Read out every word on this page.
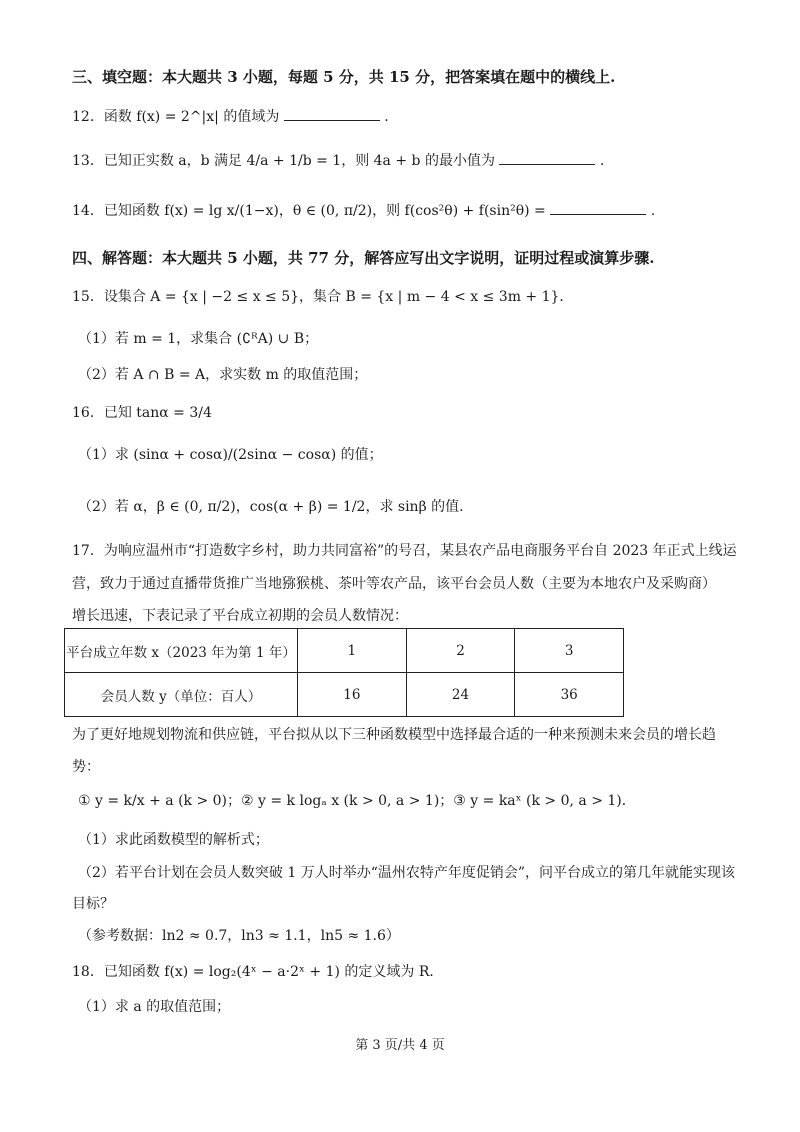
三、填空题：本大题共 3 小题，每题 5 分，共 15 分，把答案填在题中的横线上.
12．函数 f(x) = 2^|x| 的值域为	.
13．已知正实数 a，b 满足 4/a + 1/b = 1，则 4a + b 的最小值为	.
14．已知函数 f(x) = lg x/(1−x)，θ ∈ (0, π/2)，则 f(cos²θ) + f(sin²θ) =	.
四、解答题：本大题共 5 小题，共 77 分，解答应写出文字说明，证明过程或演算步骤.
15．设集合 A = {x | −2 ≤ x ≤ 5}，集合 B = {x | m − 4 < x ≤ 3m + 1}．
（1）若 m = 1，求集合 (∁ᴿA) ∪ B；
（2）若 A ∩ B = A，求实数 m 的取值范围；
16．已知 tanα = 3/4
（1）求 (sinα + cosα)/(2sinα − cosα) 的值；
（2）若 α，β ∈ (0, π/2)，cos(α + β) = 1/2，求 sinβ 的值.
17．为响应温州市“打造数字乡村，助力共同富裕”的号召，某县农产品电商服务平台自 2023 年正式上线运
营，致力于通过直播带货推广当地猕猴桃、茶叶等农产品，该平台会员人数（主要为本地农户及采购商）
增长迅速，下表记录了平台成立初期的会员人数情况：
平台成立年数 x（2023 年为第 1 年）	1	2	3
会员人数 y（单位：百人）	16	24	36
为了更好地规划物流和供应链，平台拟从以下三种函数模型中选择最合适的一种来预测未来会员的增长趋
势：
① y = k/x + a (k > 0)；② y = k logₐ x (k > 0, a > 1)；③ y = kaˣ (k > 0, a > 1)．
（1）求此函数模型的解析式；
（2）若平台计划在会员人数突破 1 万人时举办“温州农特产年度促销会”，问平台成立的第几年就能实现该
目标？
（参考数据：ln2 ≈ 0.7，ln3 ≈ 1.1，ln5 ≈ 1.6）
18．已知函数 f(x) = log₂(4ˣ − a·2ˣ + 1) 的定义域为 R．
（1）求 a 的取值范围；
第 3 页/共 4 页
